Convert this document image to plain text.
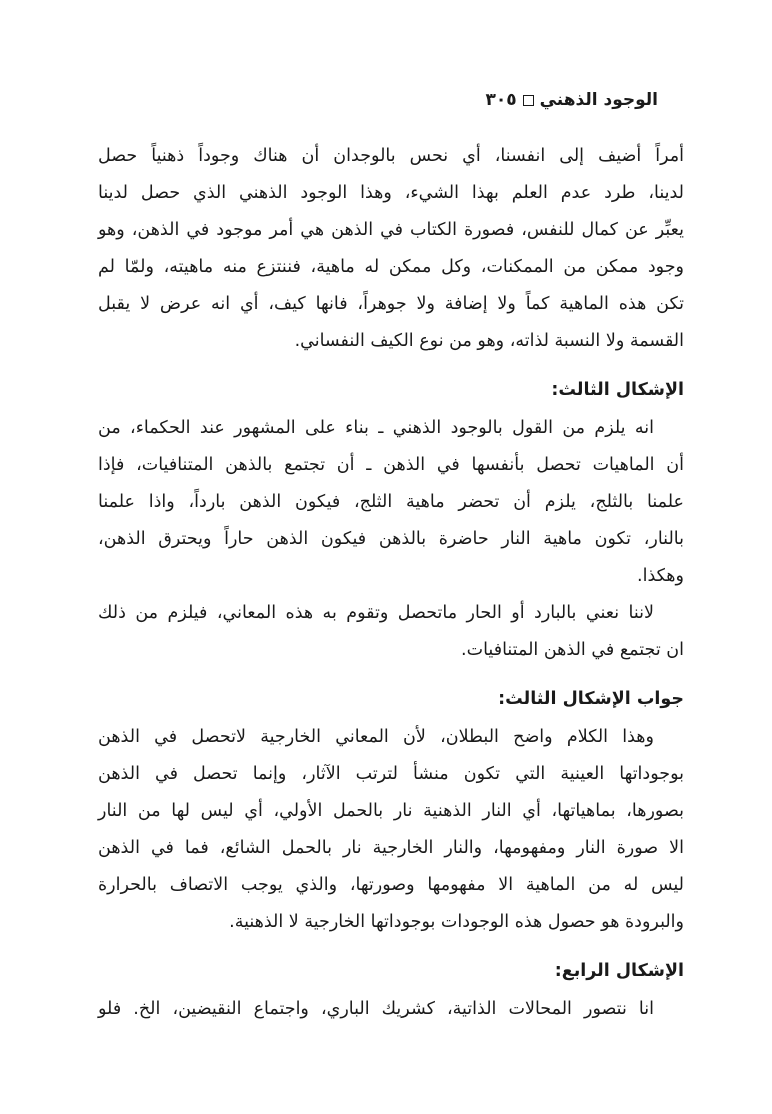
الوجود الذهني
٣٠٥
أمراً أضيف إلى انفسنا، أي نحس بالوجدان أن هناك وجوداً ذهنياً حصل
لدينا، طرد عدم العلم بهذا الشيء، وهذا الوجود الذهني الذي حصل لدينا
يعبِّر عن كمال للنفس، فصورة الكتاب في الذهن هي أمر موجود في الذهن، وهو
وجود ممكن من الممكنات، وكل ممكن له ماهية، فننتزع منه ماهيته، ولمّا لم
تكن هذه الماهية كماً ولا إضافة ولا جوهراً، فانها كيف، أي انه عرض لا يقبل
القسمة ولا النسبة لذاته، وهو من نوع الكيف النفساني.
الإشكال الثالث:
انه يلزم من القول بالوجود الذهني ـ بناء على المشهور عند الحكماء، من
أن الماهيات تحصل بأنفسها في الذهن ـ أن تجتمع بالذهن المتنافيات، فإذا
علمنا بالثلج، يلزم أن تحضر ماهية الثلج، فيكون الذهن بارداً، واذا علمنا
بالنار، تكون ماهية النار حاضرة بالذهن فيكون الذهن حاراً ويحترق الذهن،
وهكذا.
لاننا نعني بالبارد أو الحار ماتحصل وتقوم به هذه المعاني، فيلزم من ذلك
ان تجتمع في الذهن المتنافيات.
جواب الإشكال الثالث:
وهذا الكلام واضح البطلان، لأن المعاني الخارجية لاتحصل في الذهن
بوجوداتها العينية التي تكون منشأ لترتب الآثار، وإنما تحصل في الذهن
بصورها، بماهياتها، أي النار الذهنية نار بالحمل الأولي، أي ليس لها من النار
الا صورة النار ومفهومها، والنار الخارجية نار بالحمل الشائع، فما في الذهن
ليس له من الماهية الا مفهومها وصورتها، والذي يوجب الاتصاف بالحرارة
والبرودة هو حصول هذه الوجودات بوجوداتها الخارجية لا الذهنية.
الإشكال الرابع:
انا نتصور المحالات الذاتية، كشريك الباري، واجتماع النقيضين، الخ. فلو
